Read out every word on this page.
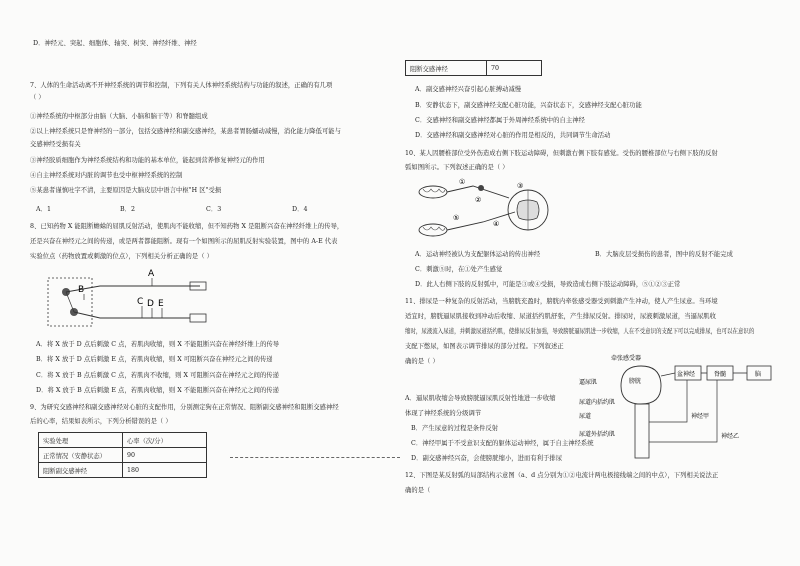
D．神经元、突起、细胞体、轴突、树突、神经纤维、神经
7、人体的生命活动离不开神经系统的调节和控制，下列有关人体神经系统结构与功能的叙述，正确的有几项
（ ）
①神经系统的中枢部分由脑（大脑、小脑和脑干等）和脊髓组成
②以上神经系统只是脊神经的一部分，包括交感神经和副交感神经，某患者胃肠蠕动减慢，消化能力降低可能与
交感神经受损有关
③神经胶质细胞作为神经系统结构和功能的基本单位，能起到营养修复神经元的作用
④自主神经系统对内脏的调节也受中枢神经系统的控制
⑤某患者谨慎吐字不清，主要原因是大脑皮层中语言中枢"H 区"受损
A．1	B．2	C．3	D．4
8、已知药物 X 能阻断蟾蜍的屈肌反射活动，使肌肉不能收缩，但不知药物 X 是阻断兴奋在神经纤维上的传导，
还是兴奋在神经元之间的传递，或是两者都能阻断。现有一个如图所示的屈肌反射实验装置，图中的 A-E 代表
实验位点（药物放置或刺激的位点），下列相关分析正确的是（ ）
A
B
C D E
A．将 X 放于 D 点后刺激 C 点，若肌肉收缩，则 X 不能阻断兴奋在神经纤维上的传导
B．将 X 放于 D 点后刺激 E 点，若肌肉收缩，则 X 可阻断兴奋在神经元之间的传递
C．将 X 放于 B 点后刺激 C 点，若肌肉不收缩，则 X 可阻断兴奋在神经元之间的传递
D．将 X 放于 B 点后刺激 E 点，若肌肉收缩，则 X 不能阻断兴奋在神经元之间的传递
9、为研究交感神经和副交感神经对心脏的支配作用，分别测定狗在正常情况、阻断副交感神经和阻断交感神经
后的心率，结果如表所示，下列分析错误的是（ ）
实验处理	心率（次/分）
正常情况（安静状态）	90
阻断副交感神经	180
阻断交感神经	70
A．副交感神经兴奋引起心脏搏动减慢
B．安静状态下，副交感神经支配心脏功能，兴奋状态下，交感神经支配心脏功能
C．交感神经和副交感神经都属于外周神经系统中的自主神经
D．交感神经和副交感神经对心脏的作用是相反的，共同调节生命活动
10、某人因腰椎部位受外伤造成右侧下肢运动障碍，但刺激右侧下肢有感觉。受伤的腰椎部位与右侧下肢的反射
弧如图所示。下列叙述正确的是（ ）
①
②
③
④
⑤
A．运动神经被认为支配躯体运动的传出神经	B．大脑皮层受损伤的患者，图中的反射不能完成
C．刺激⑤时，在①处产生感觉
D．此人右侧下肢的反射弧中，可能是③或④受损，导致造成右侧下肢运动障碍，⑤①②③正常
11、排尿是一种复杂的反射活动，当膀胱充盈时，膀胱内牵张感受器受到刺激产生冲动，使人产生尿意。当环境
适宜时，膀胱逼尿肌接收到冲动后收缩、尿道括约肌舒张，产生排尿反射。排尿时，尿液刺激尿道，当逼尿肌收
缩时，尿液流入尿道，并刺激尿道括约肌，使排尿反射加强，导致膀胱逼尿肌进一步收缩，人在不受意识的支配下可以完成排尿，也可以在意识的
支配下憋尿，如图表示调节排尿的部分过程。下列叙述正
确的是（ ）	牵张感受器
盆神经	脊髓	脑
膀胱
逼尿肌
尿道内括约肌
尿道
尿道外括约肌
神经甲
神经乙
A．逼尿肌收缩会导致膀胱逼尿肌反射性地进一步收缩
体现了神经系统的分级调节
B．产生尿意的过程是条件反射
C．神经甲属于不受意识支配的躯体运动神经，属于自主神经系统
D．副交感神经兴奋，会使膀胱缩小，进而有利于排尿
12、下图是某反射弧的局部结构示意图（a、d 点分别为①②电流计两电极接线端之间的中点），下列相关说法正
确的是（
